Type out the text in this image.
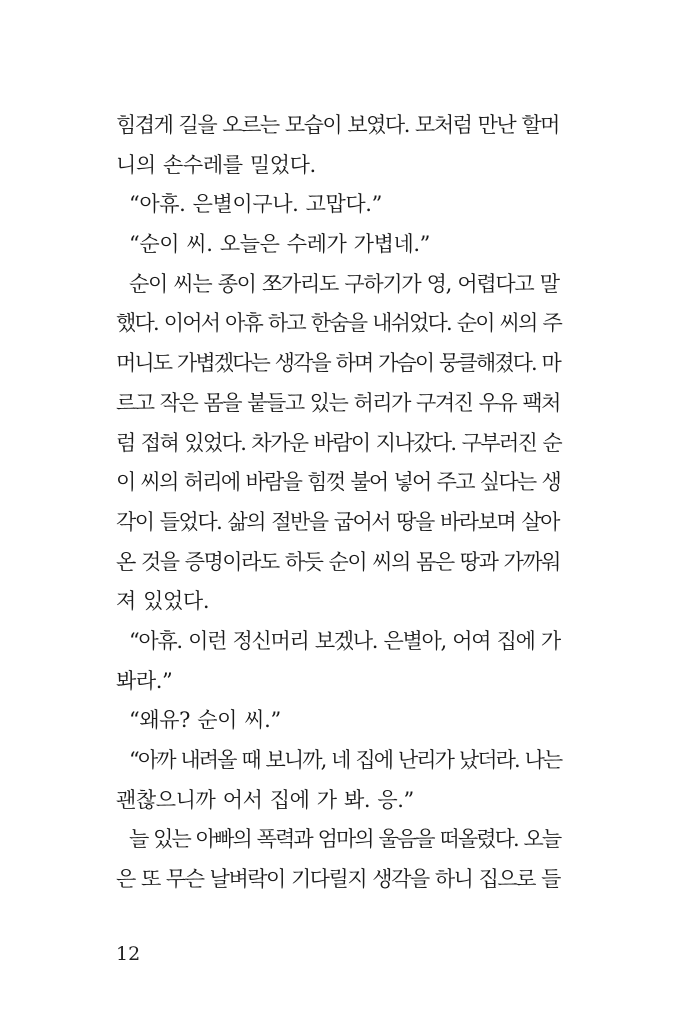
힘겹게 길을 오르는 모습이 보였다. 모처럼 만난 할머
니의 손수레를 밀었다.
“아휴. 은별이구나. 고맙다.”
“순이 씨. 오늘은 수레가 가볍네.”
순이 씨는 종이 쪼가리도 구하기가 영, 어렵다고 말
했다. 이어서 아휴 하고 한숨을 내쉬었다. 순이 씨의 주
머니도 가볍겠다는 생각을 하며 가슴이 뭉클해졌다. 마
르고 작은 몸을 붙들고 있는 허리가 구겨진 우유 팩처
럼 접혀 있었다. 차가운 바람이 지나갔다. 구부러진 순
이 씨의 허리에 바람을 힘껏 불어 넣어 주고 싶다는 생
각이 들었다. 삶의 절반을 굽어서 땅을 바라보며 살아
온 것을 증명이라도 하듯 순이 씨의 몸은 땅과 가까워
져 있었다.
“아휴. 이런 정신머리 보겠나. 은별아, 어여 집에 가
봐라.”
“왜유? 순이 씨.”
“아까 내려올 때 보니까, 네 집에 난리가 났더라. 나는
괜찮으니까 어서 집에 가 봐. 응.”
늘 있는 아빠의 폭력과 엄마의 울음을 떠올렸다. 오늘
은 또 무슨 날벼락이 기다릴지 생각을 하니 집으로 들
12
